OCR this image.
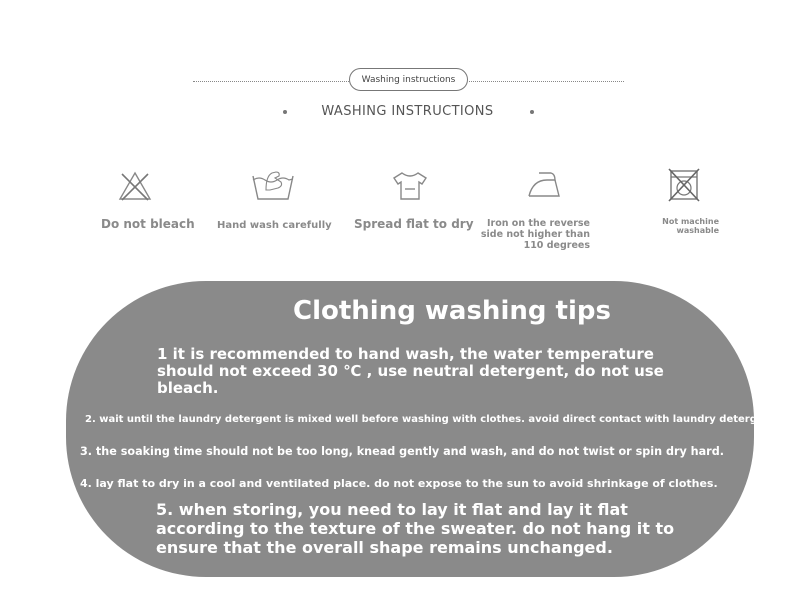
Washing instructions
WASHING INSTRUCTIONS
Do not bleach Hand wash carefully Spread flat to dry	Iron on the reverse side not higher than 110 degrees
Not machine washable
Clothing washing tips
1 it is recommended to hand wash, the water temperature should not exceed 30 ℃ , use neutral detergent, do not use bleach.
2. wait until the laundry detergent is mixed well before washing with clothes. avoid direct contact with laundry detergent.
3. the soaking time should not be too long, knead gently and wash, and do not twist or spin dry hard.
4. lay flat to dry in a cool and ventilated place. do not expose to the sun to avoid shrinkage of clothes.
5. when storing, you need to lay it flat and lay it flat according to the texture of the sweater. do not hang it to ensure that the overall shape remains unchanged.
